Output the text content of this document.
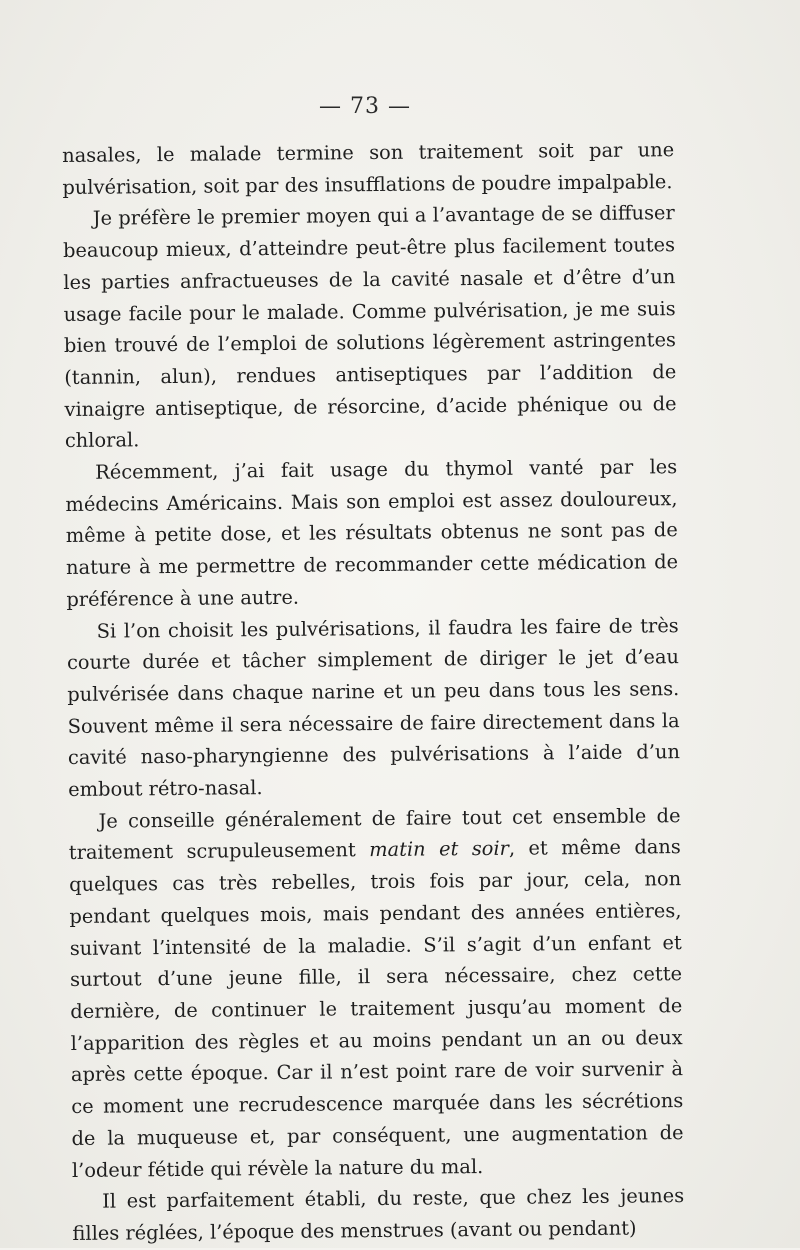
— 73 —

nasales, le malade termine son traitement soit par une pulvérisation, soit par des insufflations de poudre impalpable.

Je préfère le premier moyen qui a l’avantage de se diffuser beaucoup mieux, d’atteindre peut-être plus facilement toutes les parties anfractueuses de la cavité nasale et d’être d’un usage facile pour le malade. Comme pulvérisation, je me suis bien trouvé de l’emploi de solutions légèrement astringentes (tannin, alun), rendues antiseptiques par l’addition de vinaigre antiseptique, de résorcine, d’acide phénique ou de chloral.

Récemment, j’ai fait usage du thymol vanté par les médecins Américains. Mais son emploi est assez douloureux, même à petite dose, et les résultats obtenus ne sont pas de nature à me permettre de recommander cette médication de préférence à une autre.

Si l’on choisit les pulvérisations, il faudra les faire de très courte durée et tâcher simplement de diriger le jet d’eau pulvérisée dans chaque narine et un peu dans tous les sens. Souvent même il sera nécessaire de faire directement dans la cavité naso-pharyngienne des pulvérisations à l’aide d’un embout rétro-nasal.

Je conseille généralement de faire tout cet ensemble de traitement scrupuleusement matin et soir, et même dans quelques cas très rebelles, trois fois par jour, cela, non pendant quelques mois, mais pendant des années entières, suivant l’intensité de la maladie. S’il s’agit d’un enfant et surtout d’une jeune fille, il sera nécessaire, chez cette dernière, de continuer le traitement jusqu’au moment de l’apparition des règles et au moins pendant un an ou deux après cette époque. Car il n’est point rare de voir survenir à ce moment une recrudescence marquée dans les sécrétions de la muqueuse et, par conséquent, une augmentation de l’odeur fétide qui révèle la nature du mal.

Il est parfaitement établi, du reste, que chez les jeunes filles réglées, l’époque des menstrues (avant ou pendant)
